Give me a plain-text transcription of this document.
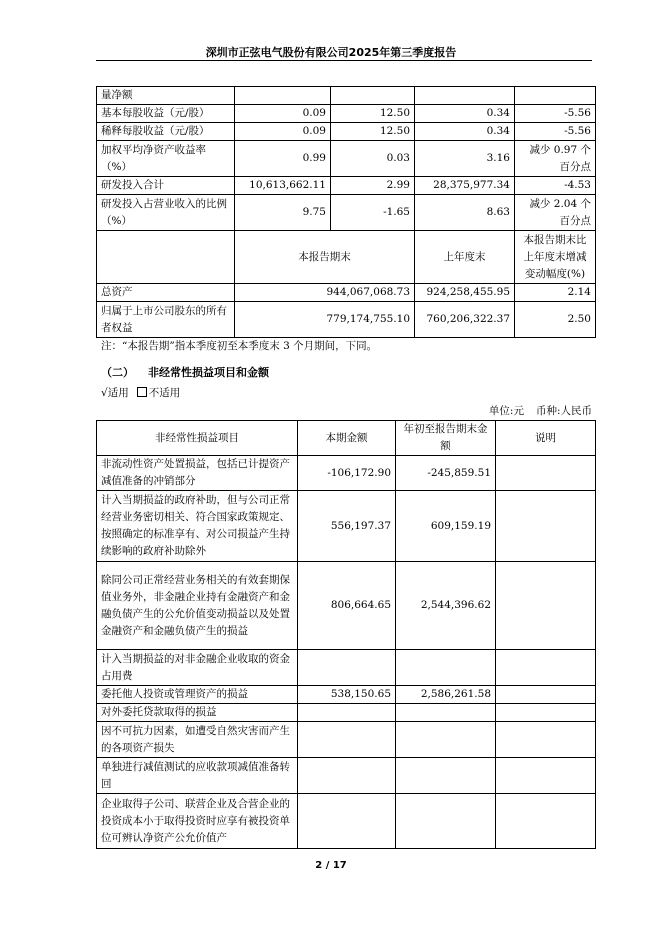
深圳市正弦电气股份有限公司2025年第三季度报告
量净额				
基本每股收益（元/股）	0.09	12.50	0.34	-5.56
稀释每股收益（元/股）	0.09	12.50	0.34	-5.56
加权平均净资产收益率（%）	0.99	0.03	3.16	减少 0.97 个百分点
研发投入合计	10,613,662.11	2.99	28,375,977.34	-4.53
研发投入占营业收入的比例（%）	9.75	-1.65	8.63	减少 2.04 个百分点
	本报告期末		上年度末	本报告期末比上年度末增减变动幅度(%)
总资产	944,067,068.73		924,258,455.95	2.14
归属于上市公司股东的所有者权益	779,174,755.10		760,206,322.37	2.50
注：“本报告期”指本季度初至本季度末 3 个月期间，下同。
（二） 非经常性损益项目和金额
√适用 不适用
单位:元 币种:人民币
非经常性损益项目	本期金额	年初至报告期末金额	说明
非流动性资产处置损益，包括已计提资产减值准备的冲销部分	-106,172.90	-245,859.51	
计入当期损益的政府补助，但与公司正常经营业务密切相关、符合国家政策规定、按照确定的标准享有、对公司损益产生持续影响的政府补助除外	556,197.37	609,159.19	
除同公司正常经营业务相关的有效套期保值业务外，非金融企业持有金融资产和金融负债产生的公允价值变动损益以及处置金融资产和金融负债产生的损益	806,664.65	2,544,396.62	
计入当期损益的对非金融企业收取的资金占用费			
委托他人投资或管理资产的损益	538,150.65	2,586,261.58	
对外委托贷款取得的损益			
因不可抗力因素，如遭受自然灾害而产生的各项资产损失			
单独进行减值测试的应收款项减值准备转回			
企业取得子公司、联营企业及合营企业的投资成本小于取得投资时应享有被投资单位可辨认净资产公允价值产			
2 / 17
